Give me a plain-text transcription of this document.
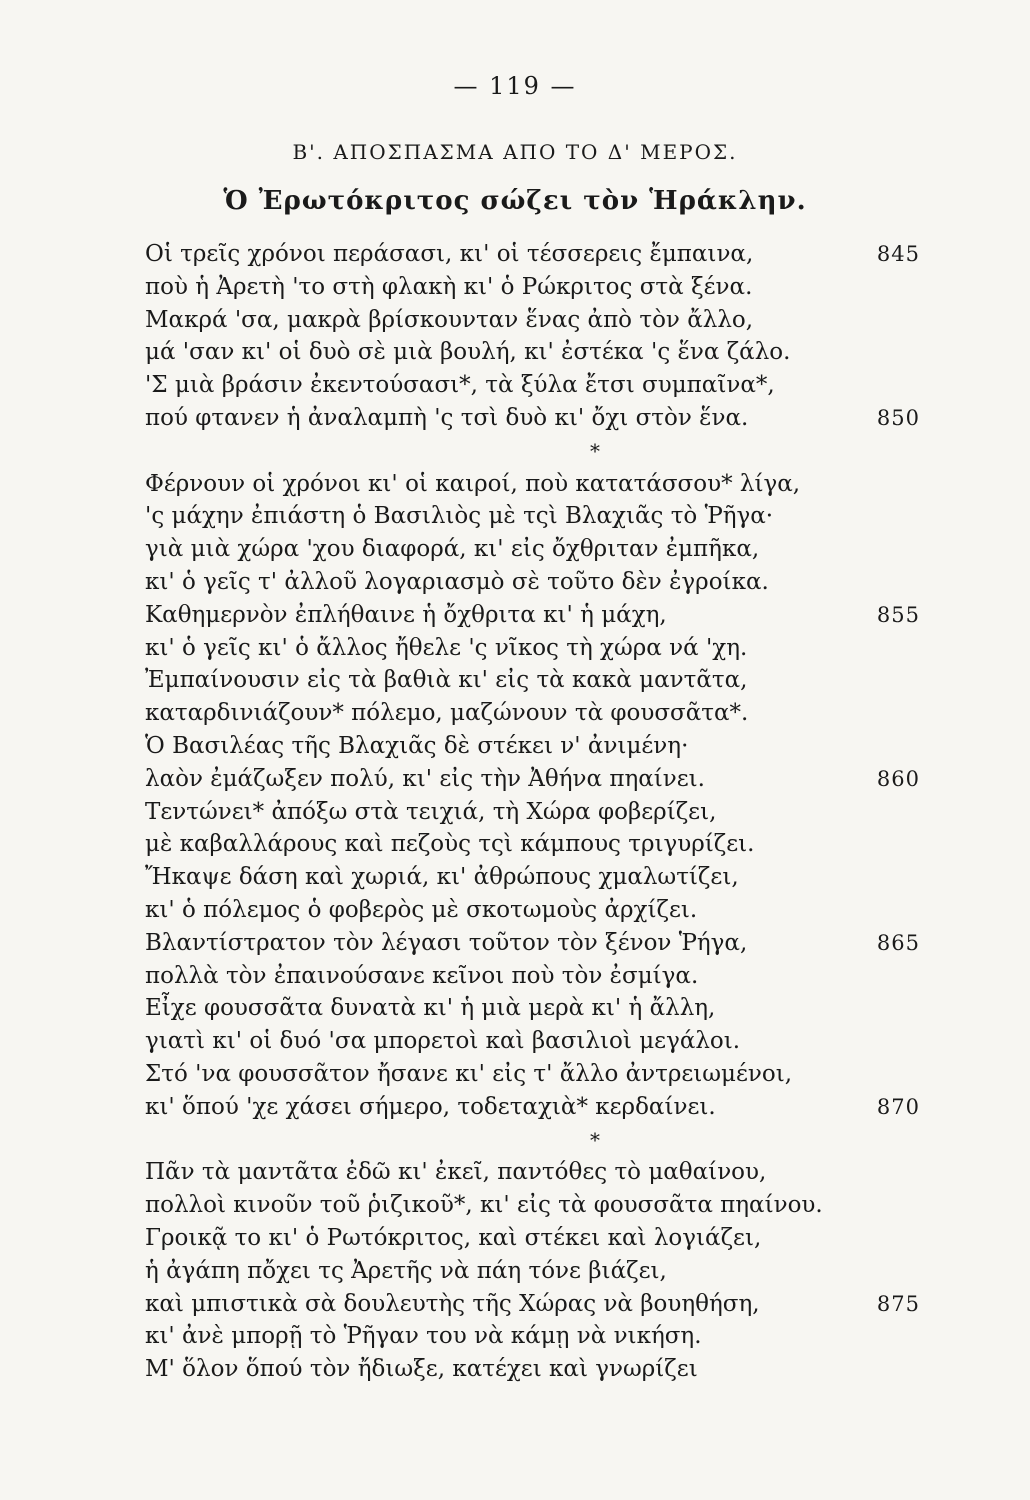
— 119 —
Β'. ΑΠΟΣΠΑΣΜΑ ΑΠΟ ΤΟ Δ' ΜΕΡΟΣ.
Ὁ Ἐρωτόκριτος σώζει τὸν Ἡράκλην.
Οἱ τρεῖς χρόνοι περάσασι, κι' οἱ τέσσερεις ἔμπαινα,	845
ποὺ ἡ Ἀρετὴ 'το στὴ φλακὴ κι' ὁ Ρώκριτος στὰ ξένα.
Μακρά 'σα, μακρὰ βρίσκουνταν ἕνας ἀπὸ τὸν ἄλλο,
μά 'σαν κι' οἱ δυὸ σὲ μιὰ βουλή, κι' ἐστέκα 'ς ἕνα ζάλο.
'Σ μιὰ βράσιν ἐκεντούσασι*, τὰ ξύλα ἔτσι συμπαῖνα*,
πού φτανεν ἡ ἀναλαμπὴ 'ς τσὶ δυὸ κι' ὄχι στὸν ἕνα.	850
*
Φέρνουν οἱ χρόνοι κι' οἱ καιροί, ποὺ κατατάσσου* λίγα,
'ς μάχην ἐπιάστη ὁ Βασιλιὸς μὲ τςὶ Βλαχιᾶς τὸ Ῥῆγα·
γιὰ μιὰ χώρα 'χου διαφορά, κι' εἰς ὄχθριταν ἐμπῆκα,
κι' ὁ γεῖς τ' ἀλλοῦ λογαριασμὸ σὲ τοῦτο δὲν ἐγροίκα.
Καθημερνὸν ἐπλήθαινε ἡ ὄχθριτα κι' ἡ μάχη,	855
κι' ὁ γεῖς κι' ὁ ἄλλος ἤθελε 'ς νῖκος τὴ χώρα νά 'χη.
Ἐμπαίνουσιν εἰς τὰ βαθιὰ κι' εἰς τὰ κακὰ μαντᾶτα,
καταρδινιάζουν* πόλεμο, μαζώνουν τὰ φουσσᾶτα*.
Ὁ Βασιλέας τῆς Βλαχιᾶς δὲ στέκει ν' ἀνιμένη·
λαὸν ἐμάζωξεν πολύ, κι' εἰς τὴν Ἀθήνα πηαίνει.	860
Τεντώνει* ἀπόξω στὰ τειχιά, τὴ Χώρα φοβερίζει,
μὲ καβαλλάρους καὶ πεζοὺς τςὶ κάμπους τριγυρίζει.
Ἤκαψε δάση καὶ χωριά, κι' ἀθρώπους χμαλωτίζει,
κι' ὁ πόλεμος ὁ φοβερὸς μὲ σκοτωμοὺς ἀρχίζει.
Βλαντίστρατον τὸν λέγασι τοῦτον τὸν ξένον Ῥήγα,	865
πολλὰ τὸν ἐπαινούσανε κεῖνοι ποὺ τὸν ἐσμίγα.
Εἶχε φουσσᾶτα δυνατὰ κι' ἡ μιὰ μερὰ κι' ἡ ἄλλη,
γιατὶ κι' οἱ δυό 'σα μπορετοὶ καὶ βασιλιοὶ μεγάλοι.
Στό 'να φουσσᾶτον ἤσανε κι' εἰς τ' ἄλλο ἀντρειωμένοι,
κι' ὅπού 'χε χάσει σήμερο, τοδεταχιὰ* κερδαίνει.	870
*
Πᾶν τὰ μαντᾶτα ἐδῶ κι' ἐκεῖ, παντόθες τὸ μαθαίνου,
πολλοὶ κινοῦν τοῦ ῥιζικοῦ*, κι' εἰς τὰ φουσσᾶτα πηαίνου.
Γροικᾷ το κι' ὁ Ρωτόκριτος, καὶ στέκει καὶ λογιάζει,
ἡ ἀγάπη πὄχει τς Ἀρετῆς νὰ πάη τόνε βιάζει,
καὶ μπιστικὰ σὰ δουλευτὴς τῆς Χώρας νὰ βουηθήση,	875
κι' ἀνὲ μπορῇ τὸ Ῥῆγαν του νὰ κάμῃ νὰ νικήση.
Μ' ὅλον ὅπού τὸν ἤδιωξε, κατέχει καὶ γνωρίζει
